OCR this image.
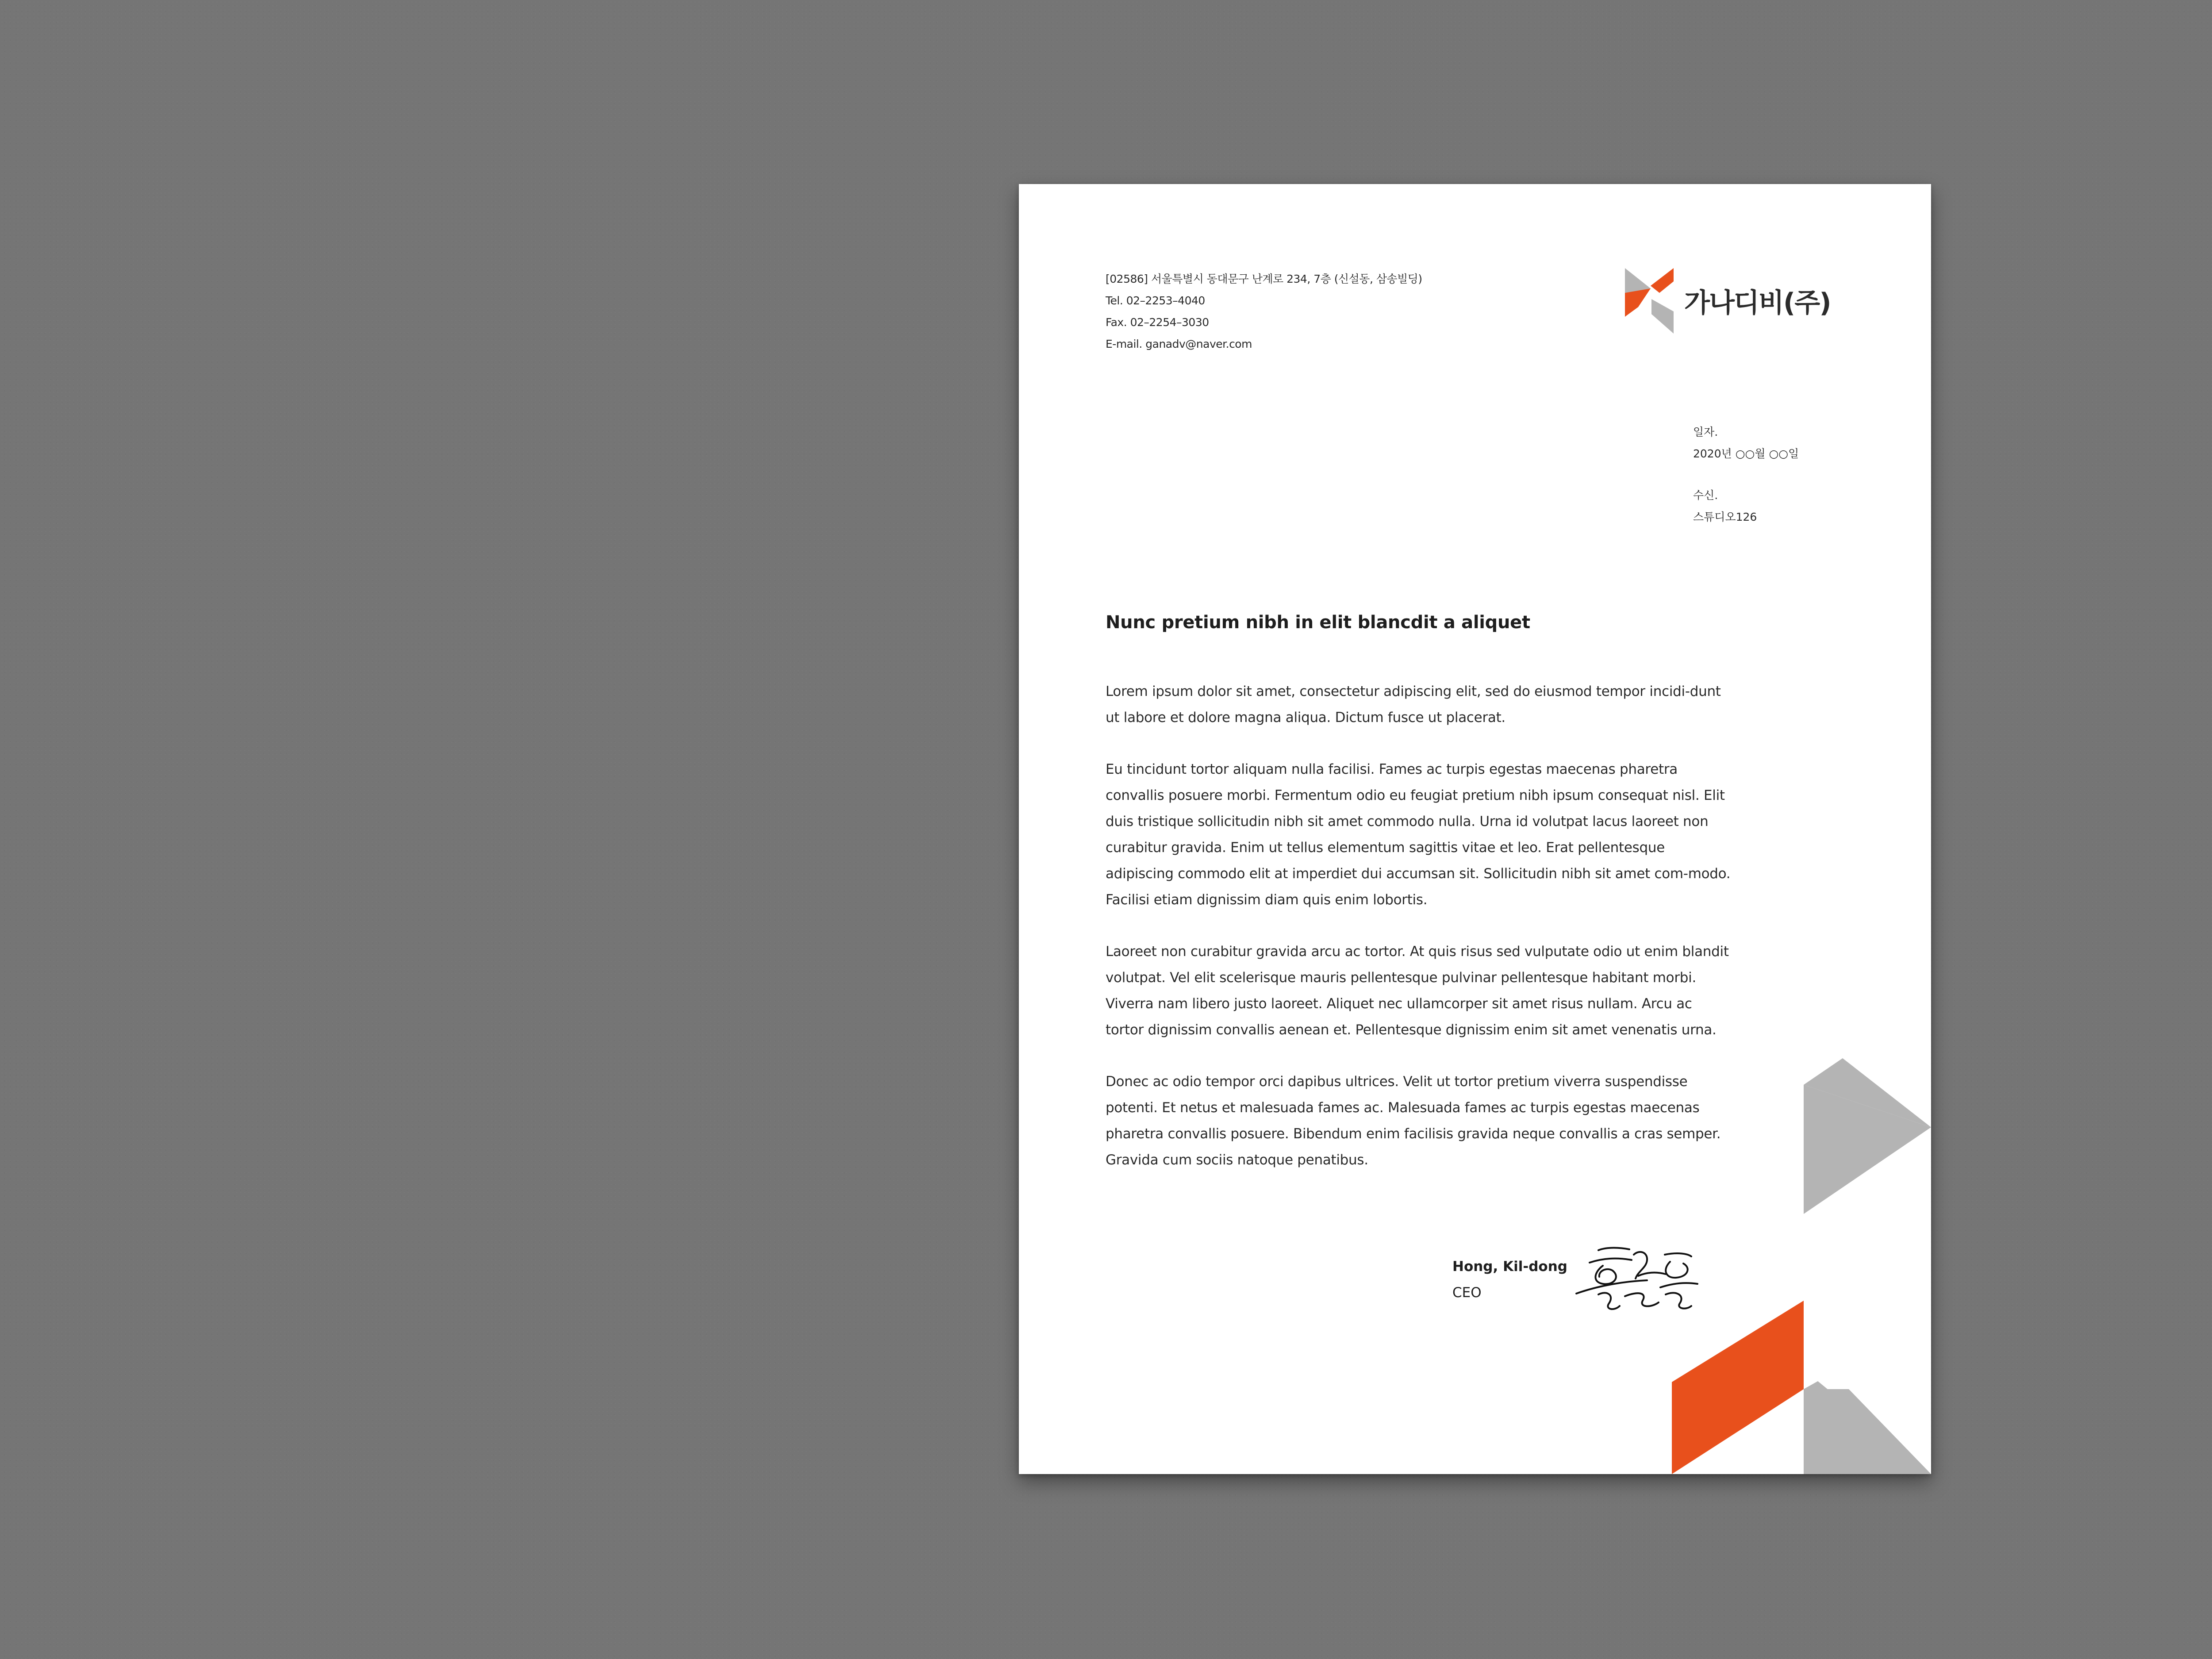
[02586] 서울특별시 동대문구 난계로 234, 7층 (신설동, 삼송빌딩)
Tel. 02–2253–4040
Fax. 02–2254–3030
E-mail. ganadv@naver.com
가나디비(주)
일자.
2020년 ○○월 ○○일
수신.
스튜디오126
Nunc pretium nibh in elit blancdit a aliquet

Lorem ipsum dolor sit amet, consectetur adipiscing elit, sed do eiusmod tempor incidi-dunt ut labore et dolore magna aliqua. Dictum fusce ut placerat.

Eu tincidunt tortor aliquam nulla facilisi. Fames ac turpis egestas maecenas pharetra convallis posuere morbi. Fermentum odio eu feugiat pretium nibh ipsum consequat nisl. Elit duis tristique sollicitudin nibh sit amet commodo nulla. Urna id volutpat lacus laoreet non curabitur gravida. Enim ut tellus elementum sagittis vitae et leo. Erat pellentesque adipiscing commodo elit at imperdiet dui accumsan sit. Sollicitudin nibh sit amet com-modo. Facilisi etiam dignissim diam quis enim lobortis.

Laoreet non curabitur gravida arcu ac tortor. At quis risus sed vulputate odio ut enim blandit volutpat. Vel elit scelerisque mauris pellentesque pulvinar pellentesque habitant morbi. Viverra nam libero justo laoreet. Aliquet nec ullamcorper sit amet risus nullam. Arcu ac tortor dignissim convallis aenean et. Pellentesque dignissim enim sit amet venenatis urna.

Donec ac odio tempor orci dapibus ultrices. Velit ut tortor pretium viverra suspendisse potenti. Et netus et malesuada fames ac. Malesuada fames ac turpis egestas maecenas pharetra convallis posuere. Bibendum enim facilisis gravida neque convallis a cras semper. Gravida cum sociis natoque penatibus.

Hong, Kil-dong
CEO
